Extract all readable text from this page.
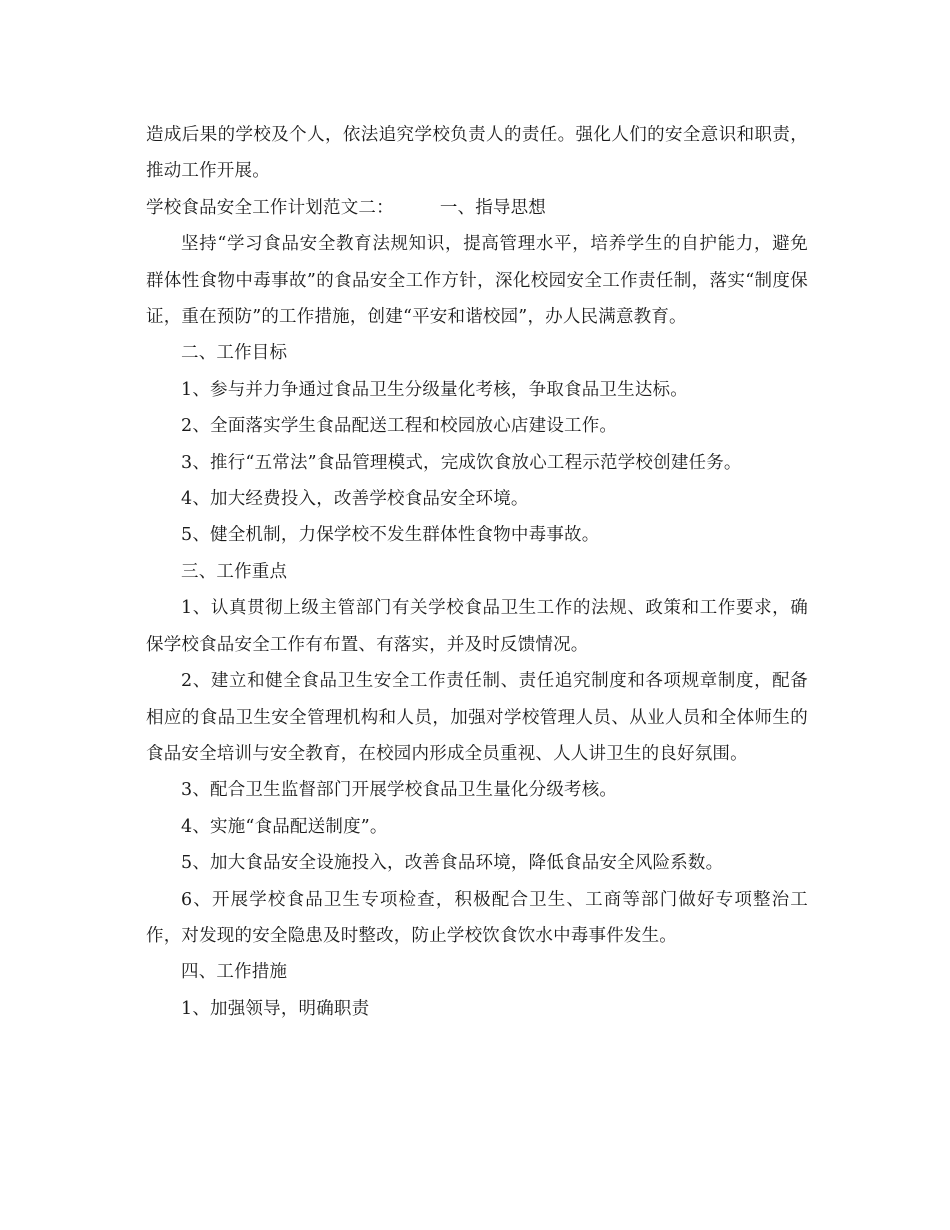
造成后果的学校及个人，依法追究学校负责人的责任。强化人们的安全意识和职责，推动工作开展。

学校食品安全工作计划范文二：	一、指导思想

坚持“学习食品安全教育法规知识，提高管理水平，培养学生的自护能力，避免群体性食物中毒事故”的食品安全工作方针，深化校园安全工作责任制，落实“制度保证，重在预防”的工作措施，创建“平安和谐校园”，办人民满意教育。

二、工作目标

1、参与并力争通过食品卫生分级量化考核，争取食品卫生达标。

2、全面落实学生食品配送工程和校园放心店建设工作。

3、推行“五常法”食品管理模式，完成饮食放心工程示范学校创建任务。

4、加大经费投入，改善学校食品安全环境。

5、健全机制，力保学校不发生群体性食物中毒事故。

三、工作重点

1、认真贯彻上级主管部门有关学校食品卫生工作的法规、政策和工作要求，确保学校食品安全工作有布置、有落实，并及时反馈情况。

2、建立和健全食品卫生安全工作责任制、责任追究制度和各项规章制度，配备相应的食品卫生安全管理机构和人员，加强对学校管理人员、从业人员和全体师生的食品安全培训与安全教育，在校园内形成全员重视、人人讲卫生的良好氛围。

3、配合卫生监督部门开展学校食品卫生量化分级考核。

4、实施“食品配送制度”。

5、加大食品安全设施投入，改善食品环境，降低食品安全风险系数。

6、开展学校食品卫生专项检查，积极配合卫生、工商等部门做好专项整治工作，对发现的安全隐患及时整改，防止学校饮食饮水中毒事件发生。

四、工作措施

1、加强领导，明确职责
